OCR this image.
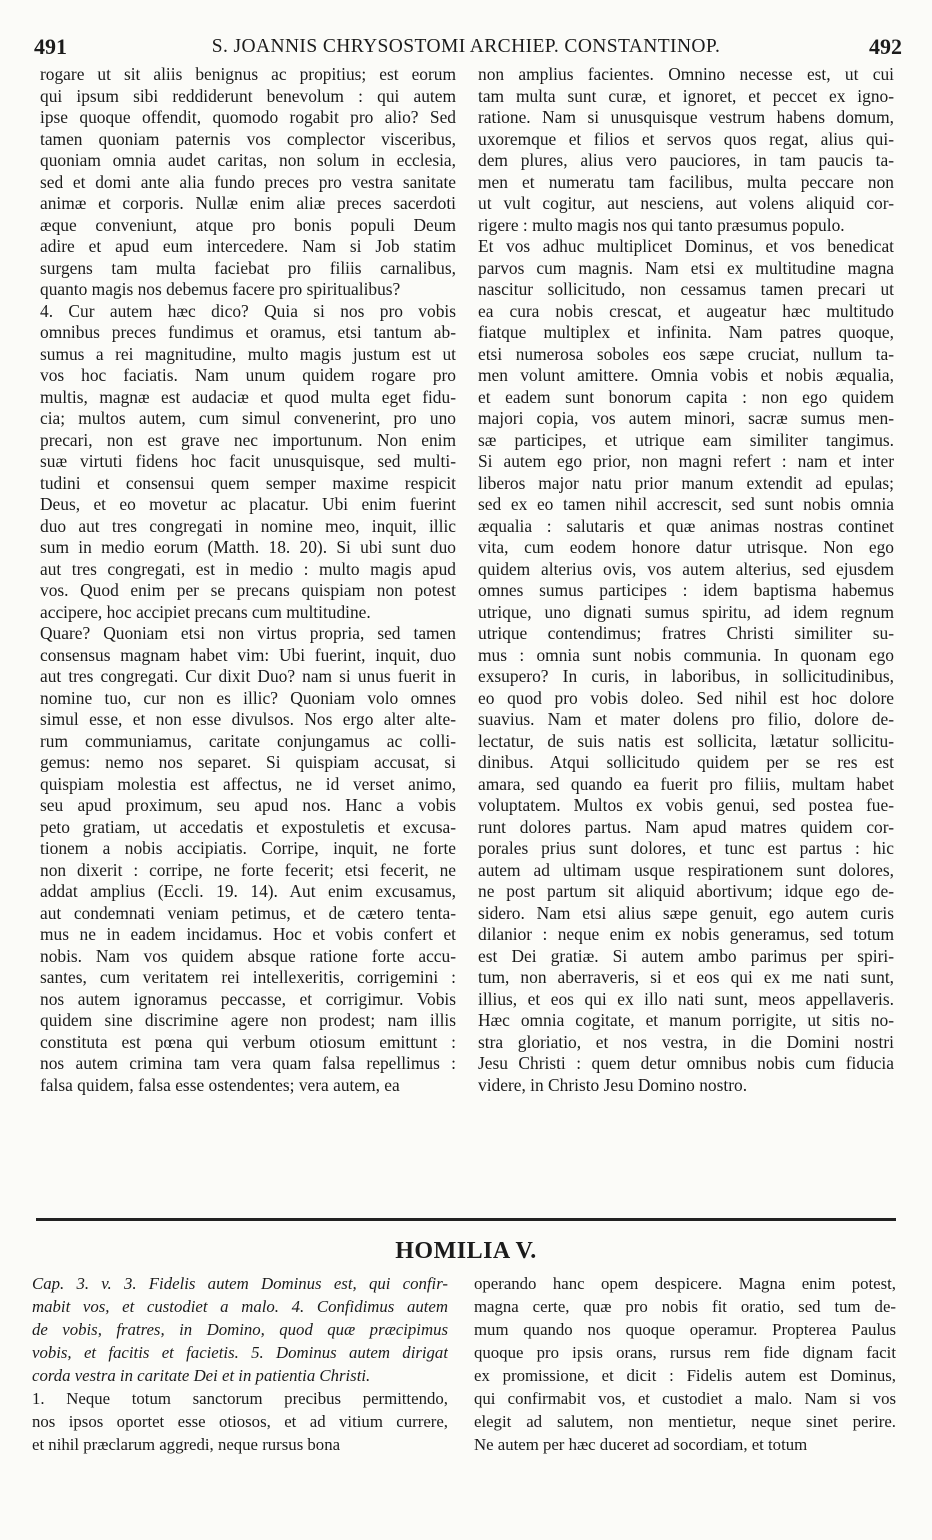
491	S. JOANNIS CHRYSOSTOMI ARCHIEP. CONSTANTINOP.	492
rogare ut sit aliis benignus ac propitius; est eorum
qui ipsum sibi reddiderunt benevolum : qui autem
ipse quoque offendit, quomodo rogabit pro alio? Sed
tamen quoniam paternis vos complector visceribus,
quoniam omnia audet caritas, non solum in ecclesia,
sed et domi ante alia fundo preces pro vestra sanitate
animæ et corporis. Nullæ enim aliæ preces sacerdoti
æque conveniunt, atque pro bonis populi Deum
adire et apud eum intercedere. Nam si Job statim
surgens tam multa faciebat pro filiis carnalibus,
quanto magis nos debemus facere pro spiritualibus?
4. Cur autem hæc dico? Quia si nos pro vobis
omnibus preces fundimus et oramus, etsi tantum ab-
sumus a rei magnitudine, multo magis justum est ut
vos hoc faciatis. Nam unum quidem rogare pro
multis, magnæ est audaciæ et quod multa eget fidu-
cia; multos autem, cum simul convenerint, pro uno
precari, non est grave nec importunum. Non enim
suæ virtuti fidens hoc facit unusquisque, sed multi-
tudini et consensui quem semper maxime respicit
Deus, et eo movetur ac placatur. Ubi enim fuerint
duo aut tres congregati in nomine meo, inquit, illic
sum in medio eorum (Matth. 18. 20). Si ubi sunt duo
aut tres congregati, est in medio : multo magis apud
vos. Quod enim per se precans quispiam non potest
accipere, hoc accipiet precans cum multitudine.
Quare? Quoniam etsi non virtus propria, sed tamen
consensus magnam habet vim: Ubi fuerint, inquit, duo
aut tres congregati. Cur dixit Duo? nam si unus fuerit in
nomine tuo, cur non es illic? Quoniam volo omnes
simul esse, et non esse divulsos. Nos ergo alter alte-
rum communiamus, caritate conjungamus ac colli-
gemus: nemo nos separet. Si quispiam accusat, si
quispiam molestia est affectus, ne id verset animo,
seu apud proximum, seu apud nos. Hanc a vobis
peto gratiam, ut accedatis et expostuletis et excusa-
tionem a nobis accipiatis. Corripe, inquit, ne forte
non dixerit : corripe, ne forte fecerit; etsi fecerit, ne
addat amplius (Eccli. 19. 14). Aut enim excusamus,
aut condemnati veniam petimus, et de cætero tenta-
mus ne in eadem incidamus. Hoc et vobis confert et
nobis. Nam vos quidem absque ratione forte accu-
santes, cum veritatem rei intellexeritis, corrigemini :
nos autem ignoramus peccasse, et corrigimur. Vobis
quidem sine discrimine agere non prodest; nam illis
constituta est pœna qui verbum otiosum emittunt :
nos autem crimina tam vera quam falsa repellimus :
falsa quidem, falsa esse ostendentes; vera autem, ea
non amplius facientes. Omnino necesse est, ut cui
tam multa sunt curæ, et ignoret, et peccet ex igno-
ratione. Nam si unusquisque vestrum habens domum,
uxoremque et filios et servos quos regat, alius qui-
dem plures, alius vero pauciores, in tam paucis ta-
men et numeratu tam facilibus, multa peccare non
ut vult cogitur, aut nesciens, aut volens aliquid cor-
rigere : multo magis nos qui tanto præsumus populo.
Et vos adhuc multiplicet Dominus, et vos benedicat
parvos cum magnis. Nam etsi ex multitudine magna
nascitur sollicitudo, non cessamus tamen precari ut
ea cura nobis crescat, et augeatur hæc multitudo
fiatque multiplex et infinita. Nam patres quoque,
etsi numerosa soboles eos sæpe cruciat, nullum ta-
men volunt amittere. Omnia vobis et nobis æqualia,
et eadem sunt bonorum capita : non ego quidem
majori copia, vos autem minori, sacræ sumus men-
sæ participes, et utrique eam similiter tangimus.
Si autem ego prior, non magni refert : nam et inter
liberos major natu prior manum extendit ad epulas;
sed ex eo tamen nihil accrescit, sed sunt nobis omnia
æqualia : salutaris et quæ animas nostras continet
vita, cum eodem honore datur utrisque. Non ego
quidem alterius ovis, vos autem alterius, sed ejusdem
omnes sumus participes : idem baptisma habemus
utrique, uno dignati sumus spiritu, ad idem regnum
utrique contendimus; fratres Christi similiter su-
mus : omnia sunt nobis communia. In quonam ego
exsupero? In curis, in laboribus, in sollicitudinibus,
eo quod pro vobis doleo. Sed nihil est hoc dolore
suavius. Nam et mater dolens pro filio, dolore de-
lectatur, de suis natis est sollicita, lætatur sollicitu-
dinibus. Atqui sollicitudo quidem per se res est
amara, sed quando ea fuerit pro filiis, multam habet
voluptatem. Multos ex vobis genui, sed postea fue-
runt dolores partus. Nam apud matres quidem cor-
porales prius sunt dolores, et tunc est partus : hic
autem ad ultimam usque respirationem sunt dolores,
ne post partum sit aliquid abortivum; idque ego de-
sidero. Nam etsi alius sæpe genuit, ego autem curis
dilanior : neque enim ex nobis generamus, sed totum
est Dei gratiæ. Si autem ambo parimus per spiri-
tum, non aberraveris, si et eos qui ex me nati sunt,
illius, et eos qui ex illo nati sunt, meos appellaveris.
Hæc omnia cogitate, et manum porrigite, ut sitis no-
stra gloriatio, et nos vestra, in die Domini nostri
Jesu Christi : quem detur omnibus nobis cum fiducia
videre, in Christo Jesu Domino nostro.
HOMILIA V.
Cap. 3. v. 3. Fidelis autem Dominus est, qui confir-
mabit vos, et custodiet a malo. 4. Confidimus autem
de vobis, fratres, in Domino, quod quæ præcipimus
vobis, et facitis et facietis. 5. Dominus autem dirigat
corda vestra in caritate Dei et in patientia Christi.
1. Neque totum sanctorum precibus permittendo,
nos ipsos oportet esse otiosos, et ad vitium currere,
et nihil præclarum aggredi, neque rursus bona
operando hanc opem despicere. Magna enim potest,
magna certe, quæ pro nobis fit oratio, sed tum de-
mum quando nos quoque operamur. Propterea Paulus
quoque pro ipsis orans, rursus rem fide dignam facit
ex promissione, et dicit : Fidelis autem est Dominus,
qui confirmabit vos, et custodiet a malo. Nam si vos
elegit ad salutem, non mentietur, neque sinet perire.
Ne autem per hæc duceret ad socordiam, et totum
